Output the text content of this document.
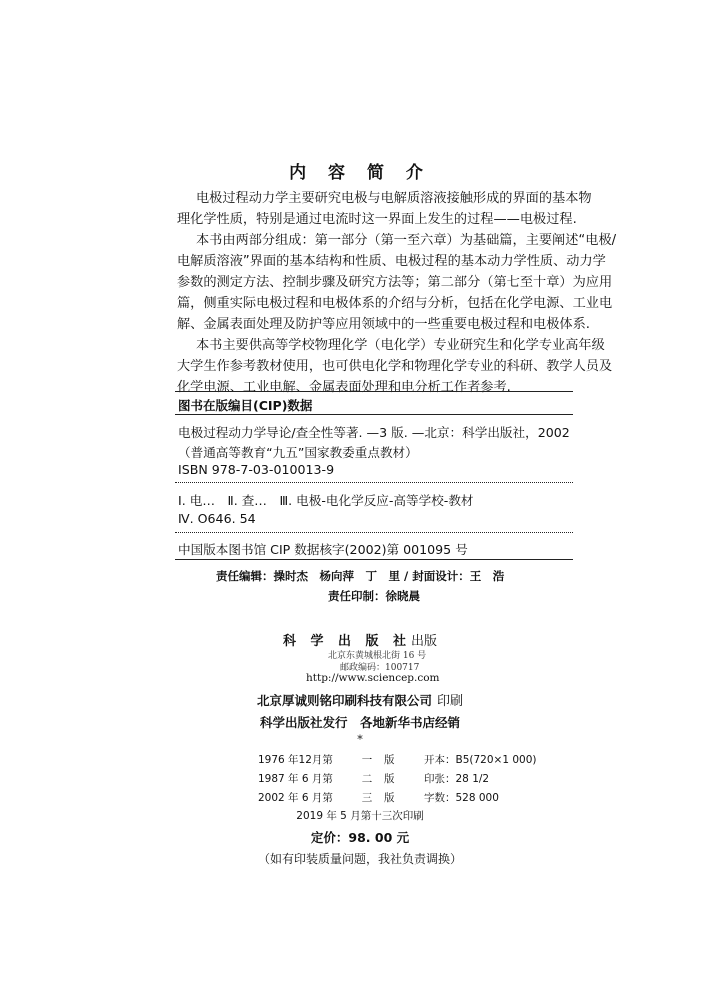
内 容 简 介
电极过程动力学主要研究电极与电解质溶液接触形成的界面的基本物
理化学性质，特别是通过电流时这一界面上发生的过程——电极过程.
本书由两部分组成：第一部分（第一至六章）为基础篇，主要阐述“电极/
电解质溶液”界面的基本结构和性质、电极过程的基本动力学性质、动力学
参数的测定方法、控制步骤及研究方法等；第二部分（第七至十章）为应用
篇，侧重实际电极过程和电极体系的介绍与分析，包括在化学电源、工业电
解、金属表面处理及防护等应用领域中的一些重要电极过程和电极体系.
本书主要供高等学校物理化学（电化学）专业研究生和化学专业高年级
大学生作参考教材使用，也可供电化学和物理化学专业的科研、教学人员及
化学电源、工业电解、金属表面处理和电分析工作者参考.
图书在版编目(CIP)数据
电极过程动力学导论/查全性等著. —3 版. —北京：科学出版社，2002
（普通高等教育“九五”国家教委重点教材）
ISBN 978-7-03-010013-9
Ⅰ. 电…　Ⅱ. 查…　Ⅲ. 电极-电化学反应-高等学校-教材
Ⅳ. O646. 54
中国版本图书馆 CIP 数据核字(2002)第 001095 号
责任编辑：操时杰　杨向萍　丁　里 / 封面设计：王　浩
责任印制：徐晓晨
科 学 出 版 社出版
北京东黄城根北街 16 号
邮政编码：100717
http://www.sciencep.com
北京厚诚则铭印刷科技有限公司 印刷
科学出版社发行　各地新华书店经销
*
1976 年12月第	一	版	开本：B5(720×1 000)
1987 年 6 月第	二	版	印张：28 1/2
2002 年 6 月第	三	版	字数：528 000
2019 年 5 月第十三次印刷
定价：98. 00 元
（如有印装质量问题，我社负责调换）
